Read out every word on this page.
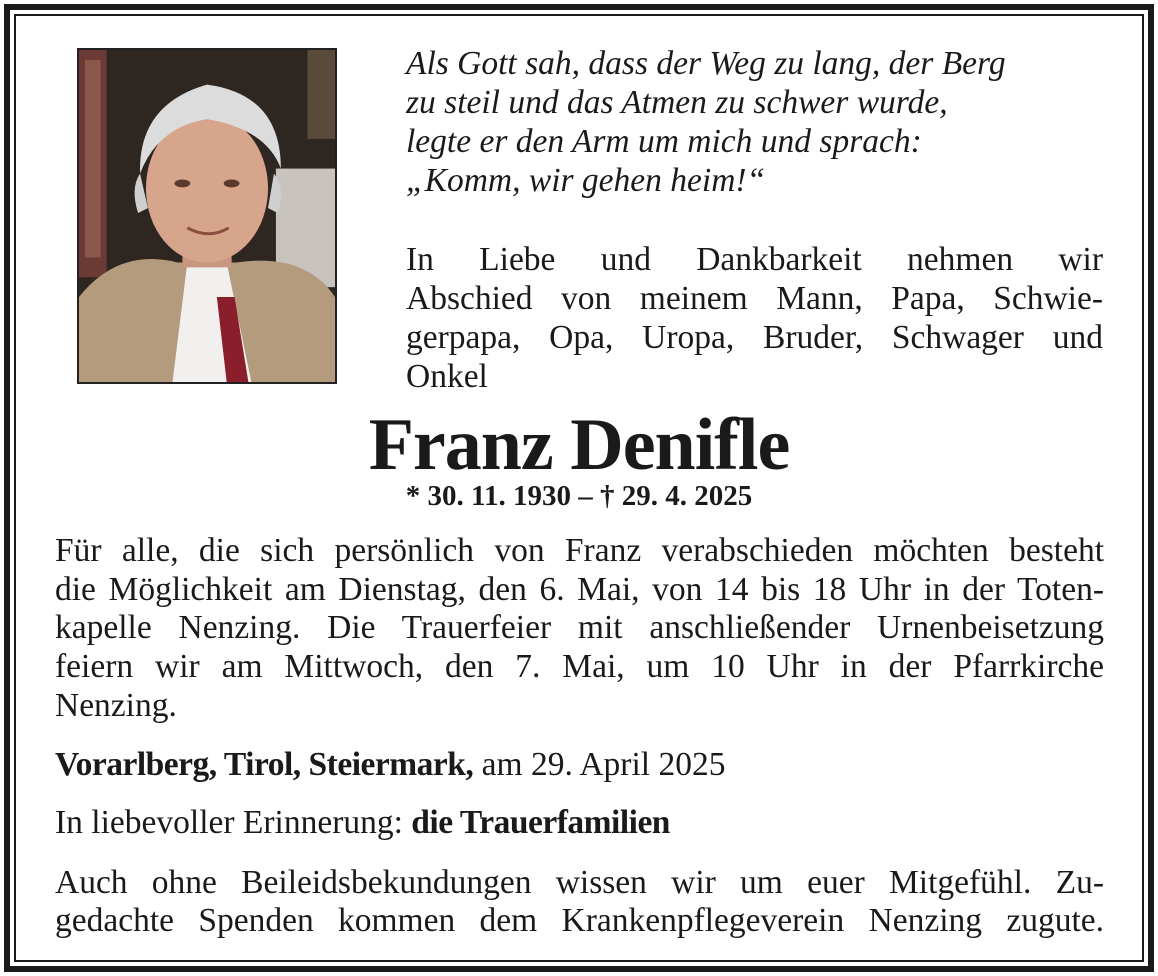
Als Gott sah, dass der Weg zu lang, der Berg
zu steil und das Atmen zu schwer wurde,
legte er den Arm um mich und sprach:
„Komm, wir gehen heim!“
In Liebe und Dankbarkeit nehmen wir
Abschied von meinem Mann, Papa, Schwie-
gerpapa, Opa, Uropa, Bruder, Schwager und
Onkel
Franz Denifle
* 30. 11. 1930 – † 29. 4. 2025
Für alle, die sich persönlich von Franz verabschieden möchten besteht
die Möglichkeit am Dienstag, den 6. Mai, von 14 bis 18 Uhr in der Toten-
kapelle Nenzing. Die Trauerfeier mit anschließender Urnenbeisetzung
feiern wir am Mittwoch, den 7. Mai, um 10 Uhr in der Pfarrkirche
Nenzing.
Vorarlberg, Tirol, Steiermark, am 29. April 2025
In liebevoller Erinnerung: die Trauerfamilien
Auch ohne Beileidsbekundungen wissen wir um euer Mitgefühl. Zu-
gedachte Spenden kommen dem Krankenpflegeverein Nenzing zugute.
